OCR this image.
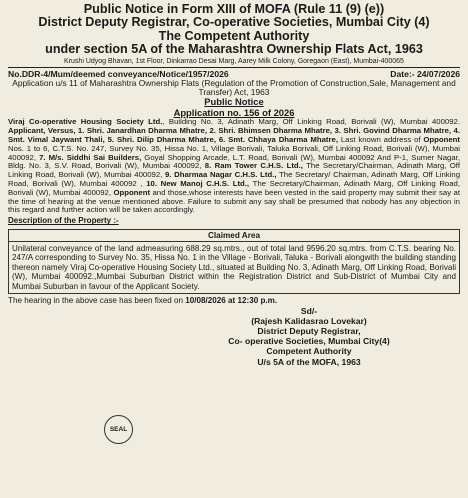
Public Notice in Form XIII of MOFA (Rule 11 (9) (e))
District Deputy Registrar, Co-operative Societies, Mumbai City (4)
The Competent Authority
under section 5A of the Maharashtra Ownership Flats Act, 1963
Krushi Udyog Bhavan, 1st Floor, Dinkarrao Desai Marg, Aarey Milk Colony, Goregaon (East), Mumbai-400065
No.DDR-4/Mum/deemed conveyance/Notice/1957/2026	Date:- 24/07/2026
Application u/s 11 of Maharashtra Ownership Flats (Regulation of the Promotion of Construction,Sale, Management and Transfer) Act, 1963
Public Notice
Application no. 156 of 2026
Viraj Co-operative Housing Society Ltd., Building No. 3, Adinath Marg, Off Linking Road, Borivali (W), Mumbai 400092. Applicant, Versus, 1. Shri. Janardhan Dharma Mhatre, 2. Shri. Bhimsen Dharma Mhatre, 3. Shri. Govind Dharma Mhatre, 4. Smt. Vimal Jaywant Thali, 5. Shri. Dilip Dharma Mhatre, 6. Smt. Chhaya Dharma Mhatre, Last known address of Opponent Nos. 1 to 6, C.T.S. No. 247, Survey No. 35, Hissa No. 1, Village Borivali, Taluka Borivali, Off Linking Road, Borivali (W), Mumbai 400092, 7. M/s. Siddhi Sai Builders, Goyal Shopping Arcade, L.T. Road, Borivali (W), Mumbai 400092 And P-1, Sumer Nagar, Bldg. No. 3, S.V. Road, Borivali (W), Mumbai 400092, 8. Ram Tower C.H.S. Ltd., The Secretary/Chairman, Adinath Marg, Off Linking Road, Borivali (W), Mumbai 400092, 9. Dharmaa Nagar C.H.S. Ltd., The Secretary/ Chairman, Adinath Marg, Off Linking Road, Borivali (W), Mumbai 400092 , 10. New Manoj C.H.S. Ltd., The Secretary/Chairman, Adinath Marg, Off Linking Road, Borivali (W), Mumbai 400092, Opponent and those,whose interests have been vested in the said property may submit their say at the time of hearing at the venue mentioned above. Failure to submit any say shall be presumed that nobody has any objection in this regard and further action will be taken accordingly.
Description of the Property :-
Claimed Area
Unilateral conveyance of the land admeasuring 688.29 sq.mtrs., out of total land 9596.20 sq.mtrs. from C.T.S. bearing No. 247/A corresponding to Survey No. 35, Hissa No. 1 in the Village - Borivali, Taluka - Borivali alongwith the building standing thereon namely Viraj Co-operative Housing Society Ltd., situated at Building No. 3, Adinath Marg, Off Linking Road, Borivali (W), Mumbai 400092.,Mumbai Suburban District within the Registration District and Sub-District of Mumbai City and Mumbai Suburban in favour of the Applicant Society.
The hearing in the above case has been fixed on 10/08/2026 at 12:30 p.m.
Sd/-
(Rajesh Kalidasrao Lovekar)
District Deputy Registrar,
Co- operative Societies, Mumbai City(4)
Competent Authority
U/s 5A of the MOFA, 1963
SEAL
